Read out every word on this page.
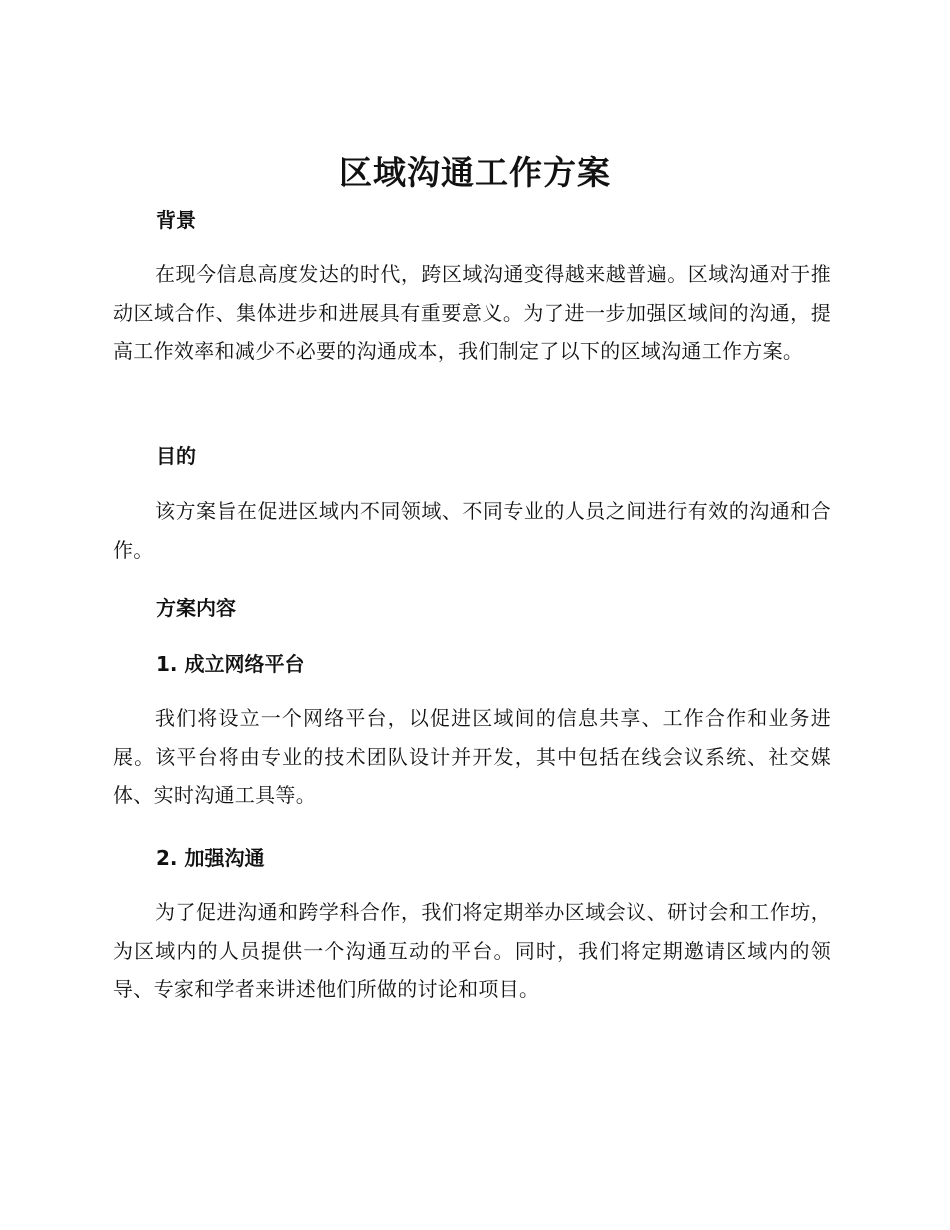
区域沟通工作方案
背景

在现今信息高度发达的时代，跨区域沟通变得越来越普遍。区域沟通对于推动区域合作、集体进步和进展具有重要意义。为了进一步加强区域间的沟通，提高工作效率和减少不必要的沟通成本，我们制定了以下的区域沟通工作方案。

目的

该方案旨在促进区域内不同领域、不同专业的人员之间进行有效的沟通和合作。

方案内容
1. 成立网络平台

我们将设立一个网络平台，以促进区域间的信息共享、工作合作和业务进展。该平台将由专业的技术团队设计并开发，其中包括在线会议系统、社交媒体、实时沟通工具等。

2. 加强沟通

为了促进沟通和跨学科合作，我们将定期举办区域会议、研讨会和工作坊，为区域内的人员提供一个沟通互动的平台。同时，我们将定期邀请区域内的领导、专家和学者来讲述他们所做的讨论和项目。
